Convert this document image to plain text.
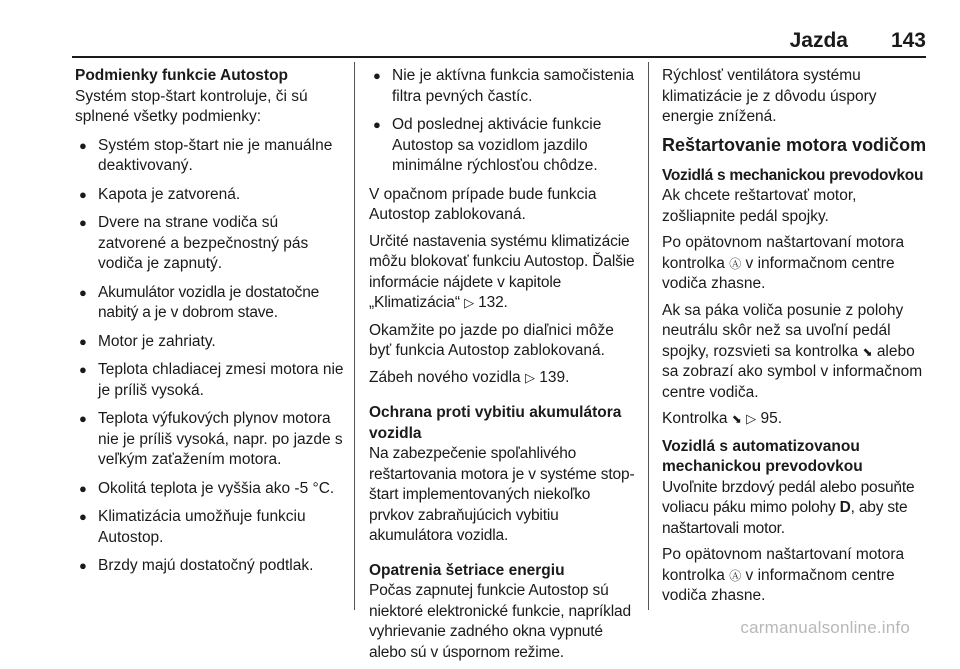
Jazda 143
Podmienky funkcie Autostop

Systém stop-štart kontroluje, či sú splnené všetky podmienky:

● Systém stop-štart nie je manuálne deaktivovaný.
● Kapota je zatvorená.
● Dvere na strane vodiča sú zatvorené a bezpečnostný pás vodiča je zapnutý.
● Akumulátor vozidla je dostatočne nabitý a je v dobrom stave.
● Motor je zahriaty.
● Teplota chladiacej zmesi motora nie je príliš vysoká.
● Teplota výfukových plynov motora nie je príliš vysoká, napr. po jazde s veľkým zaťažením motora.
● Okolitá teplota je vyššia ako -5 °C.
● Klimatizácia umožňuje funkciu Autostop.
● Brzdy majú dostatočný podtlak.
● Nie je aktívna funkcia samočistenia filtra pevných častíc.
● Od poslednej aktivácie funkcie Autostop sa vozidlom jazdilo minimálne rýchlosťou chôdze.

V opačnom prípade bude funkcia Autostop zablokovaná.

Určité nastavenia systému klimatizácie môžu blokovať funkciu Autostop. Ďalšie informácie nájdete v kapitole „Klimatizácia“ ▷ 132.

Okamžite po jazde po diaľnici môže byť funkcia Autostop zablokovaná.

Zábeh nového vozidla ▷ 139.

Ochrana proti vybitiu akumulátora vozidla

Na zabezpečenie spoľahlivého reštartovania motora je v systéme stop-štart implementovaných niekoľko prvkov zabraňujúcich vybitiu akumulátora vozidla.

Opatrenia šetriace energiu

Počas zapnutej funkcie Autostop sú niektoré elektronické funkcie, napríklad vyhrievanie zadného okna vypnuté alebo sú v úspornom režime.

Rýchlosť ventilátora systému klimatizácie je z dôvodu úspory energie znížená.

Reštartovanie motora vodičom
Vozidlá s mechanickou prevodovkou

Ak chcete reštartovať motor, zošliapnite pedál spojky.

Po opätovnom naštartovaní motora kontrolka Ⓐ v informačnom centre vodiča zhasne.

Ak sa páka voliča posunie z polohy neutrálu skôr než sa uvoľní pedál spojky, rozsvieti sa kontrolka ⬊ alebo sa zobrazí ako symbol v informačnom centre vodiča.

Kontrolka ⬊ ▷ 95.

Vozidlá s automatizovanou mechanickou prevodovkou

Uvoľnite brzdový pedál alebo posuňte voliacu páku mimo polohy D, aby ste naštartovali motor.

Po opätovnom naštartovaní motora kontrolka Ⓐ v informačnom centre vodiča zhasne.

carmanualsonline.info
